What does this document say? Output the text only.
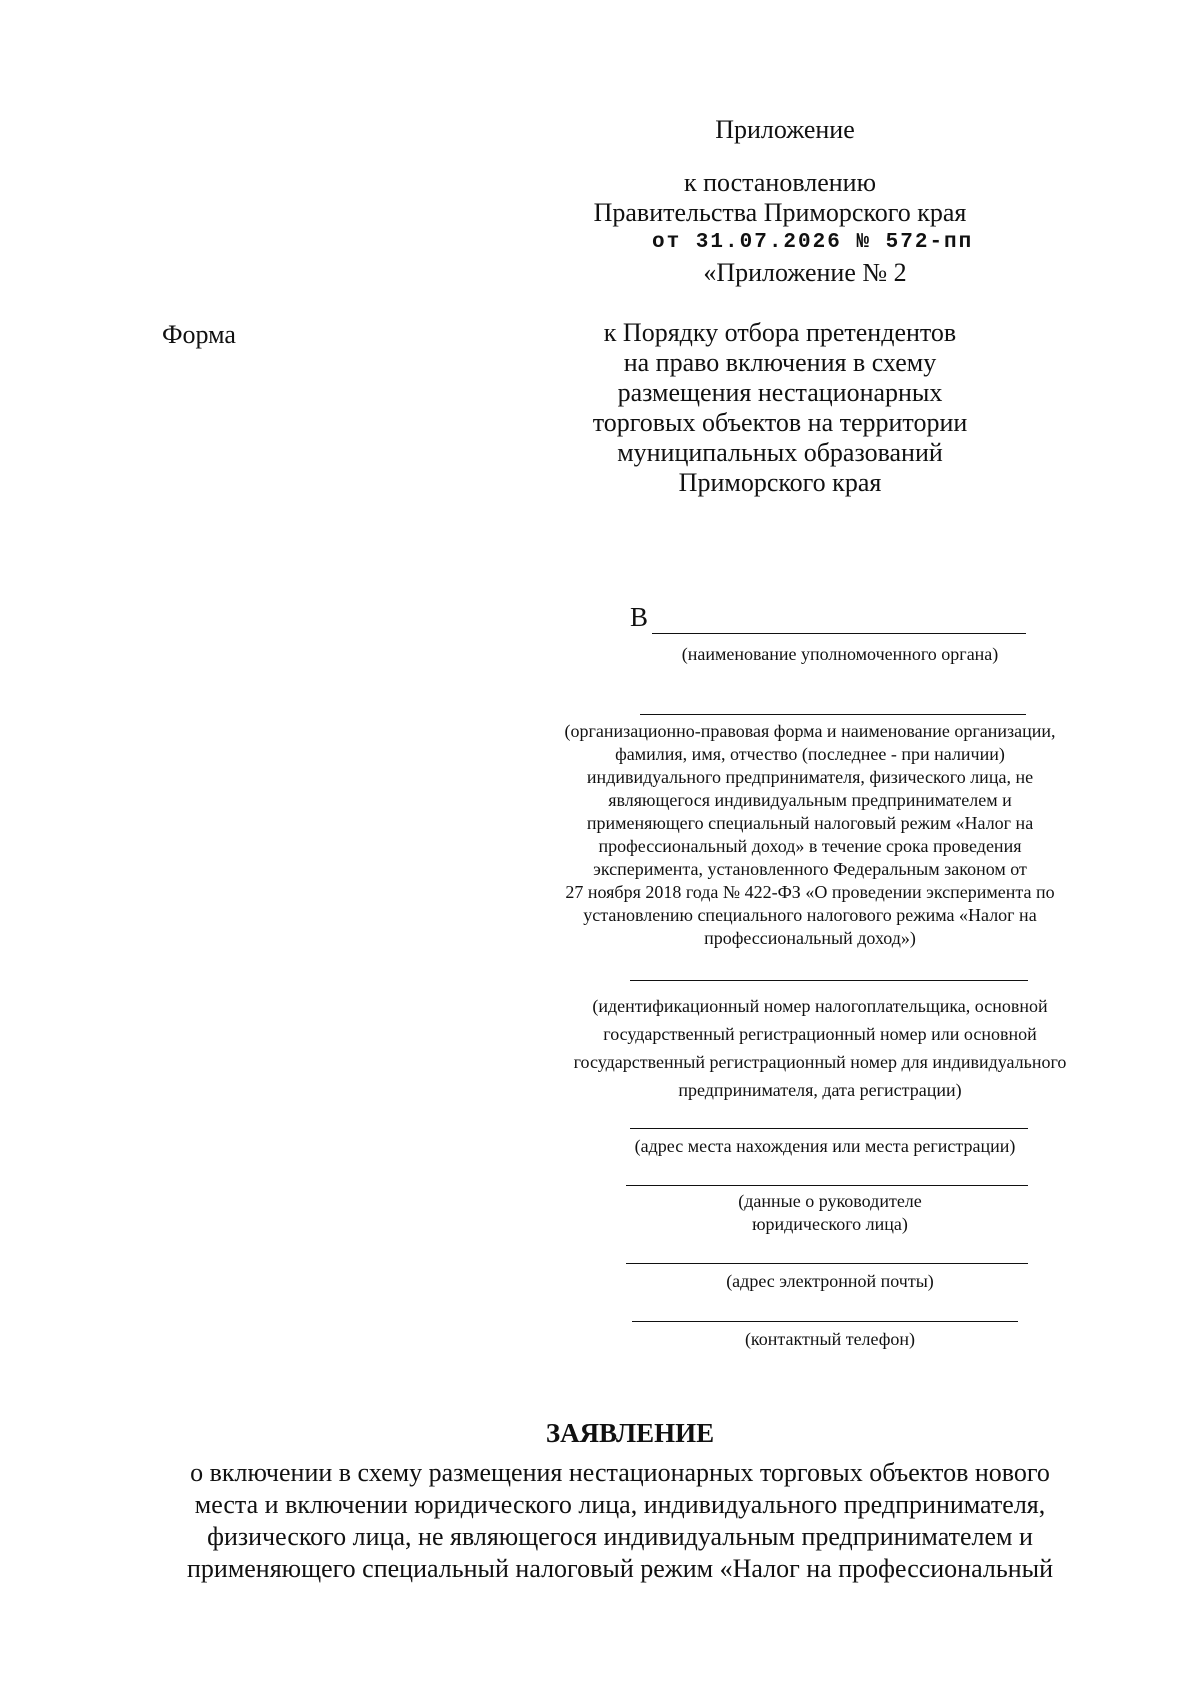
Приложение
к постановлению
Правительства Приморского края
от 31.07.2026 № 572-пп
«Приложение № 2
Форма	к Порядку отбора претендентов
на право включения в схему
размещения нестационарных
торговых объектов на территории
муниципальных образований
Приморского края
В
(наименование уполномоченного органа)
(организационно-правовая форма и наименование организации,
фамилия, имя, отчество (последнее - при наличии)
индивидуального предпринимателя, физического лица, не
являющегося индивидуальным предпринимателем и
применяющего специальный налоговый режим «Налог на
профессиональный доход» в течение срока проведения
эксперимента, установленного Федеральным законом от
27 ноября 2018 года № 422-ФЗ «О проведении эксперимента по
установлению специального налогового режима «Налог на
профессиональный доход»)
(идентификационный номер налогоплательщика, основной
государственный регистрационный номер или основной
государственный регистрационный номер для индивидуального
предпринимателя, дата регистрации)
(адрес места нахождения или места регистрации)
(данные о руководителе
юридического лица)
(адрес электронной почты)
(контактный телефон)
ЗАЯВЛЕНИЕ
о включении в схему размещения нестационарных торговых объектов нового
места и включении юридического лица, индивидуального предпринимателя,
физического лица, не являющегося индивидуальным предпринимателем и
применяющего специальный налоговый режим «Налог на профессиональный
